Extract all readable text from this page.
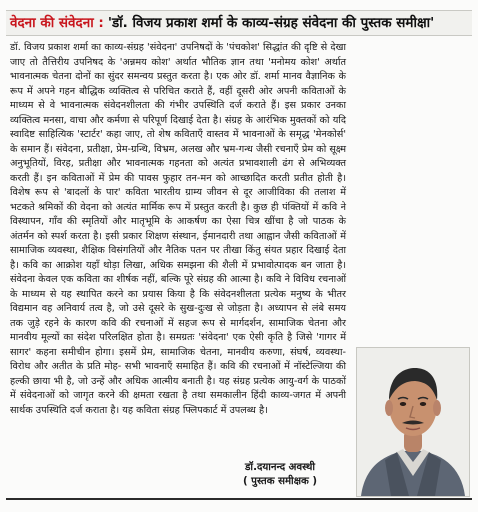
वेदना की संवेदना : 'डॉ. विजय प्रकाश शर्मा के काव्य-संग्रह संवेदना की पुस्तक समीक्षा'

डॉ. विजय प्रकाश शर्मा का काव्य-संग्रह 'संवेदना' उपनिषदों के 'पंचकोश' सिद्धांत की दृष्टि से देखा जाए तो तैत्तिरीय उपनिषद के 'अन्नमय कोश' अर्थात भौतिक ज्ञान तथा 'मनोमय कोश' अर्थात भावनात्मक चेतना दोनों का सुंदर समन्वय प्रस्तुत करता है। एक ओर डॉ. शर्मा मानव वैज्ञानिक के रूप में अपने गहन बौद्धिक व्यक्तित्व से परिचित कराते हैं, वहीं दूसरी ओर अपनी कविताओं के माध्यम से वे भावनात्मक संवेदनशीलता की गंभीर उपस्थिति दर्ज कराते हैं। इस प्रकार उनका व्यक्तित्व मनसा, वाचा और कर्मणा से परिपूर्ण दिखाई देता है। संग्रह के आरंभिक मुक्तकों को यदि स्वादिष्ट साहित्यिक 'स्टार्टर' कहा जाए, तो शेष कविताएँ वास्तव में भावनाओं के समृद्ध 'मेनकोर्स' के समान हैं। संवेदना, प्रतीक्षा, प्रेम-ग्रन्थि, विभ्रम, अलख और भ्रम-गन्ध जैसी रचनाएँ प्रेम को सूक्ष्म अनुभूतियों, विरह, प्रतीक्षा और भावनात्मक गहनता को अत्यंत प्रभावशाली ढंग से अभिव्यक्त करती हैं। इन कविताओं में प्रेम की पावस फुहार तन-मन को आच्छादित करती प्रतीत होती है। विशेष रूप से 'बादलों के पार' कविता भारतीय ग्राम्य जीवन से दूर आजीविका की तलाश में भटकते श्रमिकों की वेदना को अत्यंत मार्मिक रूप में प्रस्तुत करती है। कुछ ही पंक्तियों में कवि ने विस्थापन, गाँव की स्मृतियों और मातृभूमि के आकर्षण का ऐसा चित्र खींचा है जो पाठक के अंतर्मन को स्पर्श करता है। इसी प्रकार शिक्षण संस्थान, ईमानदारी तथा आह्वान जैसी कविताओं में सामाजिक व्यवस्था, शैक्षिक विसंगतियों और नैतिक पतन पर तीखा किंतु संयत प्रहार दिखाई देता है। कवि का आक्रोश यहाँ थोड़ा लिखा, अधिक समझना की शैली में प्रभावोत्पादक बन जाता है। संवेदना केवल एक कविता का शीर्षक नहीं, बल्कि पूरे संग्रह की आत्मा है। कवि ने विविध रचनाओं के माध्यम से यह स्थापित करने का प्रयास किया है कि संवेदनशीलता प्रत्येक मनुष्य के भीतर विद्यमान वह अनिवार्य तत्व है, जो उसे दूसरे के सुख-दुःख से जोड़ता है। अध्यापन से लंबे समय तक जुड़े रहने के कारण कवि की रचनाओं में सहज रूप से मार्गदर्शन, सामाजिक चेतना और मानवीय मूल्यों का संदेश परिलक्षित होता है। समग्रतः 'संवेदना' एक ऐसी कृति है जिसे 'गागर में सागर' कहना समीचीन होगा। इसमें प्रेम, सामाजिक चेतना, मानवीय करुणा, संघर्ष, व्यवस्था-विरोध और अतीत के प्रति मोह- सभी भावनाएँ समाहित हैं। कवि की रचनाओं में नॉस्टेल्जिया की हल्की छाया भी है, जो उन्हें और अधिक आत्मीय बनाती है। यह संग्रह प्रत्येक आयु-वर्ग के पाठकों में संवेदनाओं को जागृत करने की क्षमता रखता है तथा समकालीन हिंदी काव्य-जगत में अपनी सार्थक उपस्थिति दर्ज कराता है। यह कविता संग्रह फ्लिपकार्ट में उपलब्ध है।

डॉ.दयानन्द अवस्थी
( पुस्तक समीक्षक )
